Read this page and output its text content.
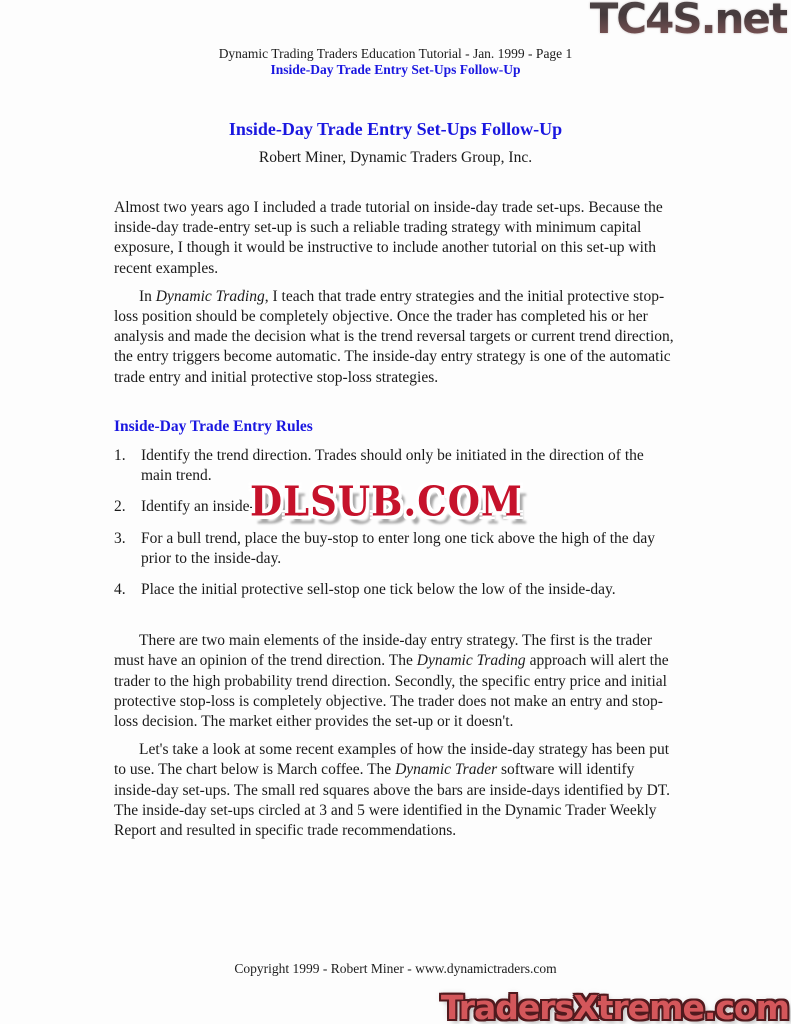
TC4S.net
Dynamic Trading Traders Education Tutorial - Jan. 1999 - Page 1
Inside-Day Trade Entry Set-Ups Follow-Up
Inside-Day Trade Entry Set-Ups Follow-Up
Robert Miner, Dynamic Traders Group, Inc.

Almost two years ago I included a trade tutorial on inside-day trade set-ups. Because the inside-day trade-entry set-up is such a reliable trading strategy with minimum capital exposure, I though it would be instructive to include another tutorial on this set-up with recent examples.

In Dynamic Trading, I teach that trade entry strategies and the initial protective stop-loss position should be completely objective. Once the trader has completed his or her analysis and made the decision what is the trend reversal targets or current trend direction, the entry triggers become automatic. The inside-day entry strategy is one of the automatic trade entry and initial protective stop-loss strategies.

Inside-Day Trade Entry Rules
1. Identify the trend direction. Trades should only be initiated in the direction of the main trend.
2. Identify an inside-day.
3. For a bull trend, place the buy-stop to enter long one tick above the high of the day prior to the inside-day.
4. Place the initial protective sell-stop one tick below the low of the inside-day.

There are two main elements of the inside-day entry strategy. The first is the trader must have an opinion of the trend direction. The Dynamic Trading approach will alert the trader to the high probability trend direction. Secondly, the specific entry price and initial protective stop-loss is completely objective. The trader does not make an entry and stop-loss decision. The market either provides the set-up or it doesn't.

Let's take a look at some recent examples of how the inside-day strategy has been put to use. The chart below is March coffee. The Dynamic Trader software will identify inside-day set-ups. The small red squares above the bars are inside-days identified by DT. The inside-day set-ups circled at 3 and 5 were identified in the Dynamic Trader Weekly Report and resulted in specific trade recommendations.

DLSUB.COM
Copyright 1999 - Robert Miner - www.dynamictraders.com
TradersXtreme.com
